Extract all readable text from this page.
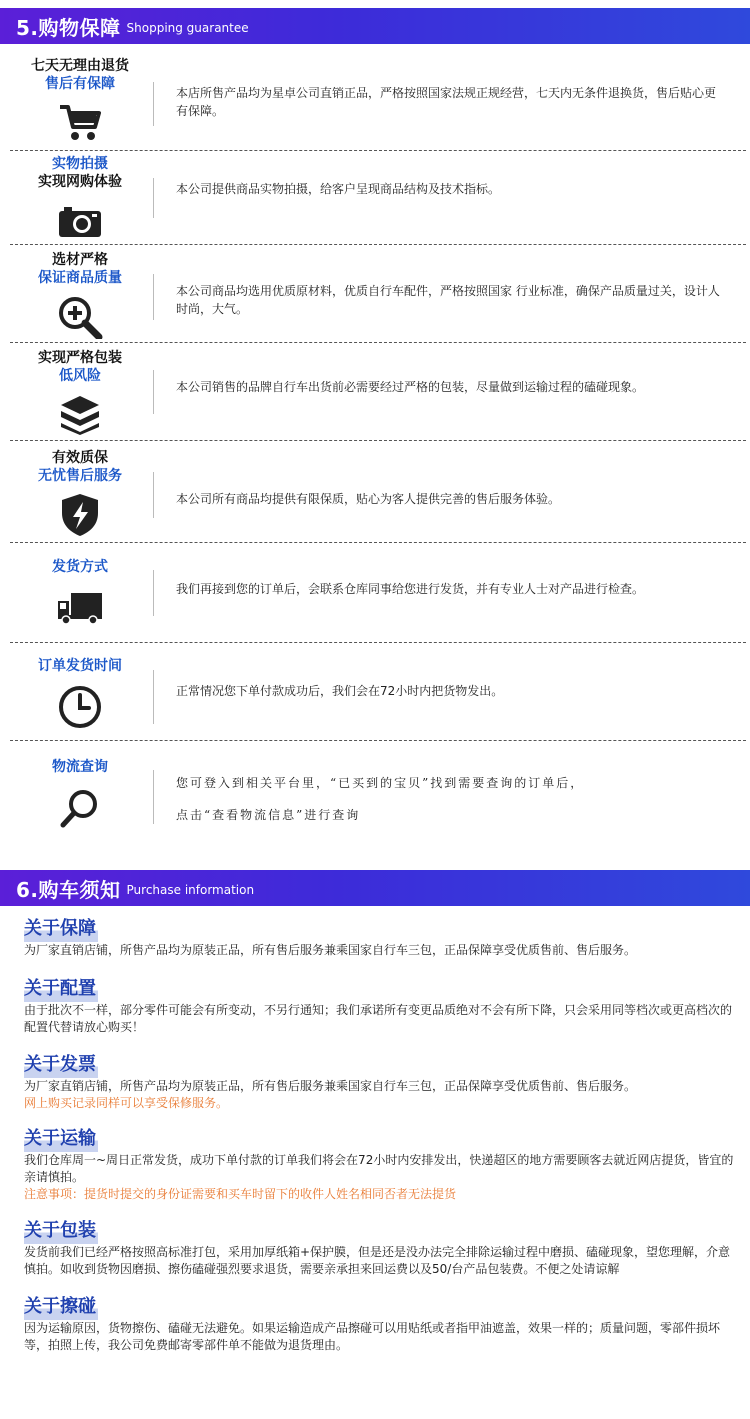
5.购物保障 Shopping guarantee
七天无理由退货
售后有保障
本店所售产品均为星卓公司直销正品，严格按照国家法规正规经营，七天内无条件退换货，售后贴心更有保障。
实物拍摄
实现网购体验	本公司提供商品实物拍摄，给客户呈现商品结构及技术指标。
选材严格
保证商品质量
本公司商品均选用优质原材料，优质自行车配件，严格按照国家 行业标准，确保产品质量过关，设计人时尚，大气。
实现严格包装
低风险
本公司销售的品牌自行车出货前必需要经过严格的包装，尽量做到运输过程的磕碰现象。
有效质保
无忧售后服务
本公司所有商品均提供有限保质，贴心为客人提供完善的售后服务体验。
发货方式
我们再接到您的订单后，会联系仓库同事给您进行发货，并有专业人士对产品进行检查。
订单发货时间
正常情况您下单付款成功后，我们会在72小时内把货物发出。
物流查询
您可登入到相关平台里，“已买到的宝贝”找到需要查询的订单后，
点击“查看物流信息”进行查询
6.购车须知 Purchase information
关于保障
为厂家直销店铺，所售产品均为原装正品，所有售后服务兼乘国家自行车三包，正品保障享受优质售前、售后服务。
关于配置
由于批次不一样，部分零件可能会有所变动，不另行通知；我们承诺所有变更品质绝对不会有所下降，只会采用同等档次或更高档次的配置代替请放心购买！
关于发票
为厂家直销店铺，所售产品均为原装正品，所有售后服务兼乘国家自行车三包，正品保障享受优质售前、售后服务。
网上购买记录同样可以享受保修服务。
关于运输
我们仓库周一~周日正常发货，成功下单付款的订单我们将会在72小时内安排发出，快递超区的地方需要顾客去就近网店提货，皆宜的亲请慎拍。
注意事项：提货时提交的身份证需要和买车时留下的收件人姓名相同否者无法提货
关于包装
发货前我们已经严格按照高标准打包，采用加厚纸箱+保护膜，但是还是没办法完全排除运输过程中磨损、磕碰现象，望您理解，介意慎拍。如收到货物因磨损、擦伤磕碰强烈要求退货，需要亲承担来回运费以及50/台产品包装费。不便之处请谅解
关于擦碰
因为运输原因，货物擦伤、磕碰无法避免。如果运输造成产品擦碰可以用贴纸或者指甲油遮盖，效果一样的；质量问题，零部件损坏等，拍照上传，我公司免费邮寄零部件单不能做为退货理由。
